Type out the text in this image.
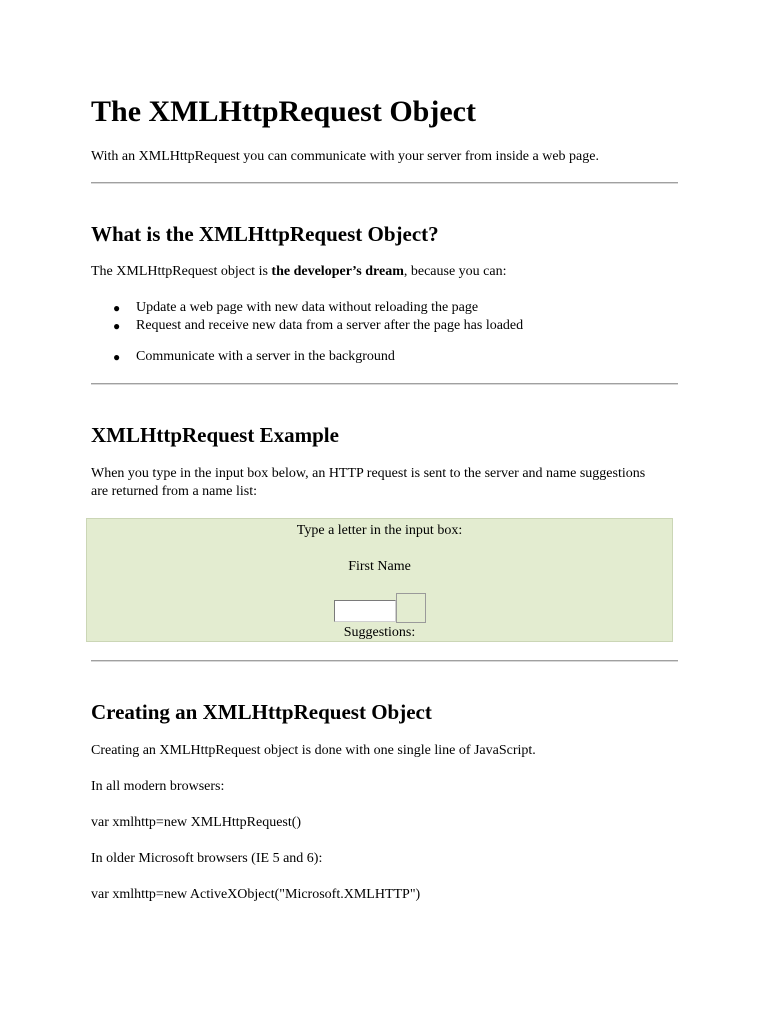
The XMLHttpRequest Object

With an XMLHttpRequest you can communicate with your server from inside a web page.

What is the XMLHttpRequest Object?

The XMLHttpRequest object is the developer’s dream, because you can:

● Update a web page with new data without reloading the page
● Request and receive new data from a server after the page has loaded
● Communicate with a server in the background
XMLHttpRequest Example

When you type in the input box below, an HTTP request is sent to the server and name suggestions are returned from a name list:

Type a letter in the input box:
First Name
Suggestions:
Creating an XMLHttpRequest Object

Creating an XMLHttpRequest object is done with one single line of JavaScript.

In all modern browsers:

var xmlhttp=new XMLHttpRequest()

In older Microsoft browsers (IE 5 and 6):

var xmlhttp=new ActiveXObject("Microsoft.XMLHTTP")
